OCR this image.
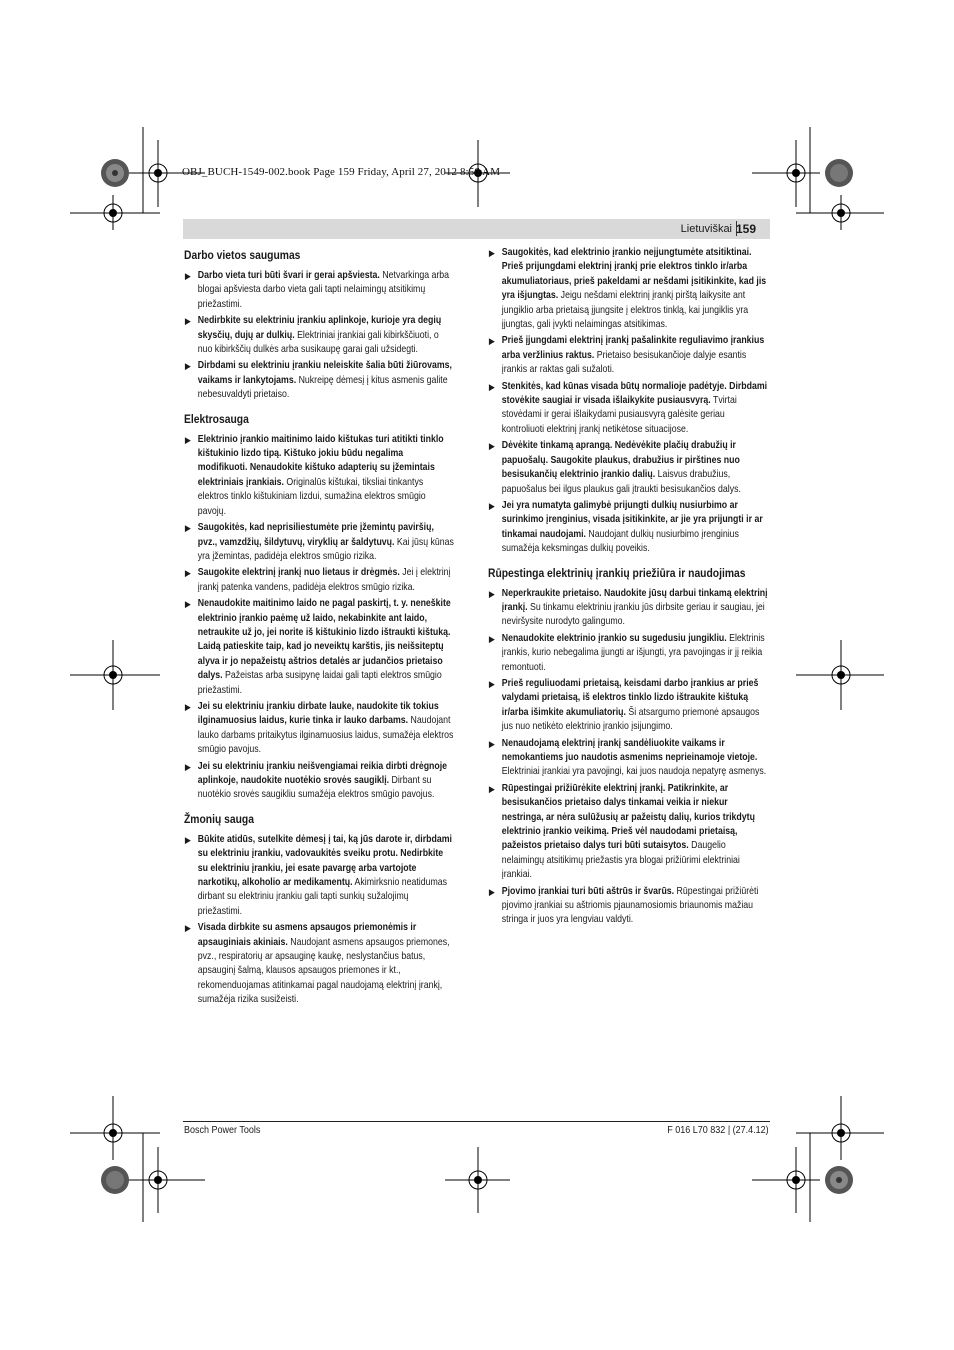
OBJ_BUCH-1549-002.book Page 159 Friday, April 27, 2012 8:56 AM
Lietuviškai 159
Darbo vietos saugumas
▶ Darbo vieta turi būti švari ir gerai apšviesta. Netvarkinga arba blogai apšviesta darbo vieta gali tapti nelaimingų atsitikimų priežastimi.
▶ Nedirbkite su elektriniu įrankiu aplinkoje, kurioje yra degių skysčių, dujų ar dulkių. Elektriniai įrankiai gali kibirkščiuoti, o nuo kibirkščių dulkės arba susikaupę garai gali užsidegti.
▶ Dirbdami su elektriniu įrankiu neleiskite šalia būti žiūrovams, vaikams ir lankytojams. Nukreipę dėmesį į kitus asmenis galite nebesuvaldyti prietaiso.
Elektrosauga
▶ Elektrinio įrankio maitinimo laido kištukas turi atitikti tinklo kištukinio lizdo tipą. Kištuko jokiu būdu negalima modifikuoti. Nenaudokite kištuko adapterių su įžemintais elektriniais įrankiais. Originalūs kištukai, tiksliai tinkantys elektros tinklo kištukiniam lizdui, sumažina elektros smūgio pavojų.
▶ Saugokitės, kad neprisiliestumėte prie įžemintų paviršių, pvz., vamzdžių, šildytuvų, viryklių ar šaldytuvų. Kai jūsų kūnas yra įžemintas, padidėja elektros smūgio rizika.
▶ Saugokite elektrinį įrankį nuo lietaus ir drėgmės. Jei į elektrinį įrankį patenka vandens, padidėja elektros smūgio rizika.
▶ Nenaudokite maitinimo laido ne pagal paskirtį, t. y. neneškite elektrinio įrankio paėmę už laido, nekabinkite ant laido, netraukite už jo, jei norite iš kištukinio lizdo ištraukti kištuką. Laidą patieskite taip, kad jo neveiktų karštis, jis neišsiteptų alyva ir jo nepažeistų aštrios detalės ar judančios prietaiso dalys. Pažeistas arba susipynę laidai gali tapti elektros smūgio priežastimi.
▶ Jei su elektriniu įrankiu dirbate lauke, naudokite tik tokius ilginamuosius laidus, kurie tinka ir lauko darbams. Naudojant lauko darbams pritaikytus ilginamuosius laidus, sumažėja elektros smūgio pavojus.
▶ Jei su elektriniu įrankiu neišvengiamai reikia dirbti drėgnoje aplinkoje, naudokite nuotėkio srovės saugiklį. Dirbant su nuotėkio srovės saugikliu sumažėja elektros smūgio pavojus.
Žmonių sauga
▶ Būkite atidūs, sutelkite dėmesį į tai, ką jūs darote ir, dirbdami su elektriniu įrankiu, vadovaukitės sveiku protu. Nedirbkite su elektriniu įrankiu, jei esate pavargę arba vartojote narkotikų, alkoholio ar medikamentų. Akimirksnio neatidumas dirbant su elektriniu įrankiu gali tapti sunkių sužalojimų priežastimi.
▶ Visada dirbkite su asmens apsaugos priemonėmis ir apsauginiais akiniais. Naudojant asmens apsaugos priemones, pvz., respiratorių ar apsauginę kaukę, neslystančius batus, apsauginį šalmą, klausos apsaugos priemones ir kt., rekomenduojamas atitinkamai pagal naudojamą elektrinį įrankį, sumažėja rizika susižeisti.
▶ Saugokitės, kad elektrinio įrankio neįjungtumėte atsitiktinai. Prieš prijungdami elektrinį įrankį prie elektros tinklo ir/arba akumuliatoriaus, prieš pakeldami ar nešdami įsitikinkite, kad jis yra išjungtas. Jeigu nešdami elektrinį įrankį pirštą laikysite ant jungiklio arba prietaisą įjungsite į elektros tinklą, kai jungiklis yra įjungtas, gali įvykti nelaimingas atsitikimas.
▶ Prieš įjungdami elektrinį įrankį pašalinkite reguliavimo įrankius arba veržlinius raktus. Prietaiso besisukančioje dalyje esantis įrankis ar raktas gali sužaloti.
▶ Stenkitės, kad kūnas visada būtų normalioje padėtyje. Dirbdami stovėkite saugiai ir visada išlaikykite pusiausvyrą. Tvirtai stovėdami ir gerai išlaikydami pusiausvyrą galėsite geriau kontroliuoti elektrinį įrankį netikėtose situacijose.
▶ Dėvėkite tinkamą aprangą. Nedėvėkite plačių drabužių ir papuošalų. Saugokite plaukus, drabužius ir pirštines nuo besisukančių elektrinio įrankio dalių. Laisvus drabužius, papuošalus bei ilgus plaukus gali įtraukti besisukančios dalys.
▶ Jei yra numatyta galimybė prijungti dulkių nusiurbimo ar surinkimo įrenginius, visada įsitikinkite, ar jie yra prijungti ir ar tinkamai naudojami. Naudojant dulkių nusiurbimo įrenginius sumažėja keksmingas dulkių poveikis.
Rūpestinga elektrinių įrankių priežiūra ir naudojimas
▶ Neperkraukite prietaiso. Naudokite jūsų darbui tinkamą elektrinį įrankį. Su tinkamu elektriniu įrankiu jūs dirbsite geriau ir saugiau, jei neviršysite nurodyto galingumo.
▶ Nenaudokite elektrinio įrankio su sugedusiu jungikliu. Elektrinis įrankis, kurio nebegalima įjungti ar išjungti, yra pavojingas ir jį reikia remontuoti.
▶ Prieš reguliuodami prietaisą, keisdami darbo įrankius ar prieš valydami prietaisą, iš elektros tinklo lizdo ištraukite kištuką ir/arba išimkite akumuliatorių. Ši atsargumo priemonė apsaugos jus nuo netikėto elektrinio įrankio įsijungimo.
▶ Nenaudojamą elektrinį įrankį sandėliuokite vaikams ir nemokantiems juo naudotis asmenims neprieinamoje vietoje. Elektriniai įrankiai yra pavojingi, kai juos naudoja nepatyrę asmenys.
▶ Rūpestingai prižiūrėkite elektrinį įrankį. Patikrinkite, ar besisukančios prietaiso dalys tinkamai veikia ir niekur nestringa, ar nėra sulūžusių ar pažeistų dalių, kurios trikdytų elektrinio įrankio veikimą. Prieš vėl naudodami prietaisą, pažeistos prietaiso dalys turi būti sutaisytos. Daugelio nelaimingų atsitikimų priežastis yra blogai prižiūrimi elektriniai įrankiai.
▶ Pjovimo įrankiai turi būti aštrūs ir švarūs. Rūpestingai prižiūrėti pjovimo įrankiai su aštriomis pjaunamosiomis briaunomis mažiau stringa ir juos yra lengviau valdyti.
Bosch Power Tools	F 016 L70 832 | (27.4.12)
